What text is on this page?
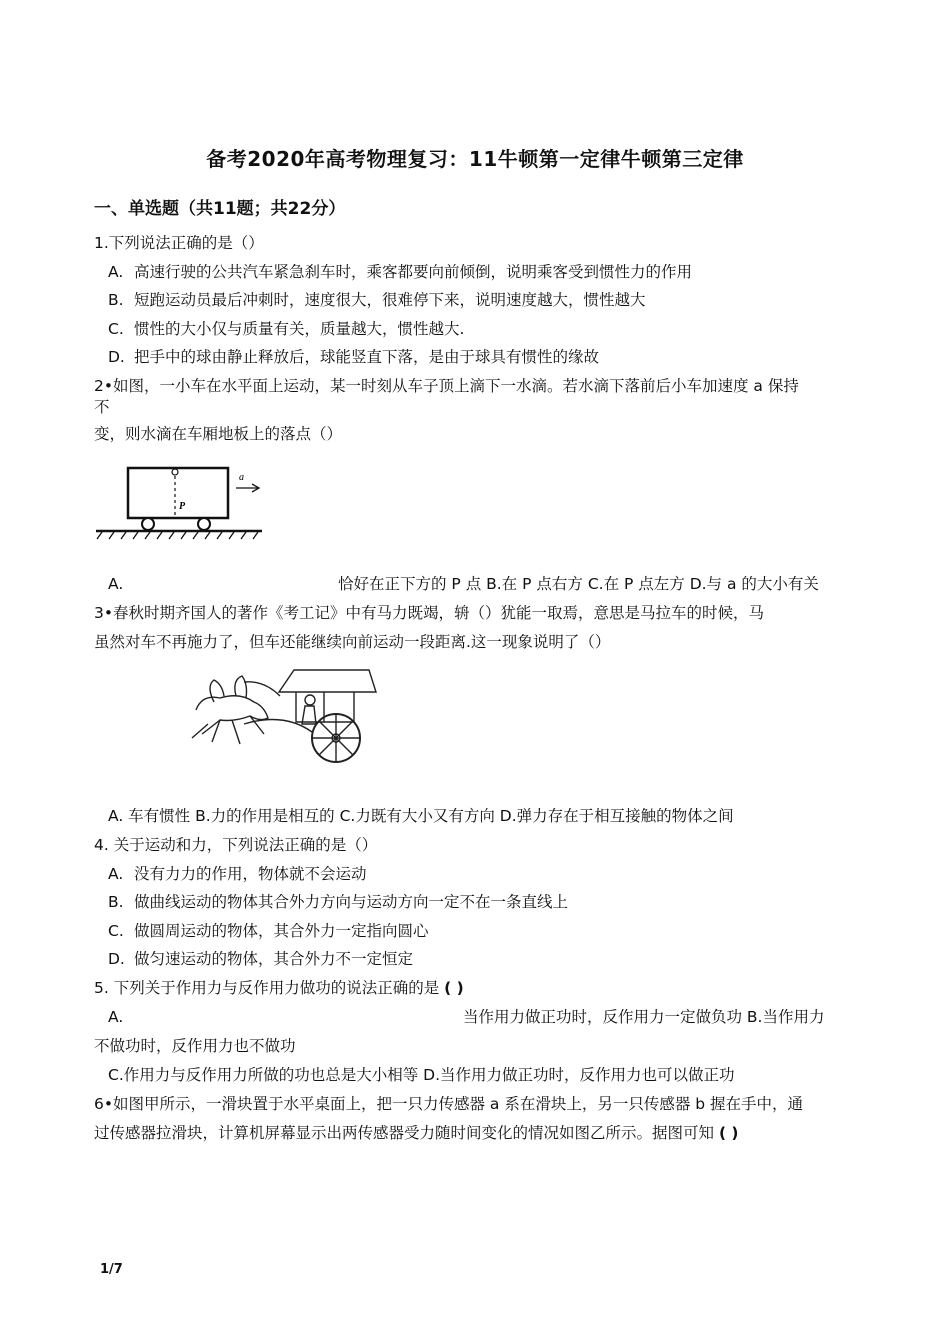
备考2020年高考物理复习：11牛顿第一定律牛顿第三定律
一、单选题（共11题；共22分）
1.下列说法正确的是（）
A. 高速行驶的公共汽车紧急刹车时，乘客都要向前倾倒，说明乘客受到惯性力的作用
B. 短跑运动员最后冲刺时，速度很大，很难停下来，说明速度越大，惯性越大
C. 惯性的大小仅与质量有关，质量越大，惯性越大.
D. 把手中的球由静止释放后，球能竖直下落，是由于球具有惯性的缘故
2•如图，一小车在水平面上运动，某一时刻从车子顶上滴下一水滴。若水滴下落前后小车加速度 a 保持
不
变，则水滴在车厢地板上的落点（）
P
a
A.	恰好在正下方的 P 点 B.在 P 点右方 C.在 P 点左方 D.与 a 的大小有关
3•春秋时期齐国人的著作《考工记》中有马力既竭，辀（）犹能一取焉，意思是马拉车的时候，马
虽然对车不再施力了，但车还能继续向前运动一段距离.这一现象说明了（）
A. 车有惯性 B.力的作用是相互的 C.力既有大小又有方向 D.弹力存在于相互接触的物体之间
4. 关于运动和力，下列说法正确的是（）
A. 没有力力的作用，物体就不会运动
B. 做曲线运动的物体其合外力方向与运动方向一定不在一条直线上
C. 做圆周运动的物体，其合外力一定指向圆心
D. 做匀速运动的物体，其合外力不一定恒定
5. 下列关于作用力与反作用力做功的说法正确的是 ( )
A.	当作用力做正功时，反作用力一定做负功 B.当作用力
不做功时，反作用力也不做功
C.作用力与反作用力所做的功也总是大小相等 D.当作用力做正功时，反作用力也可以做正功
6•如图甲所示，一滑块置于水平桌面上，把一只力传感器 a 系在滑块上，另一只传感器 b 握在手中，通
过传感器拉滑块，计算机屏幕显示出两传感器受力随时间变化的情况如图乙所示。据图可知 ( )
1/7
